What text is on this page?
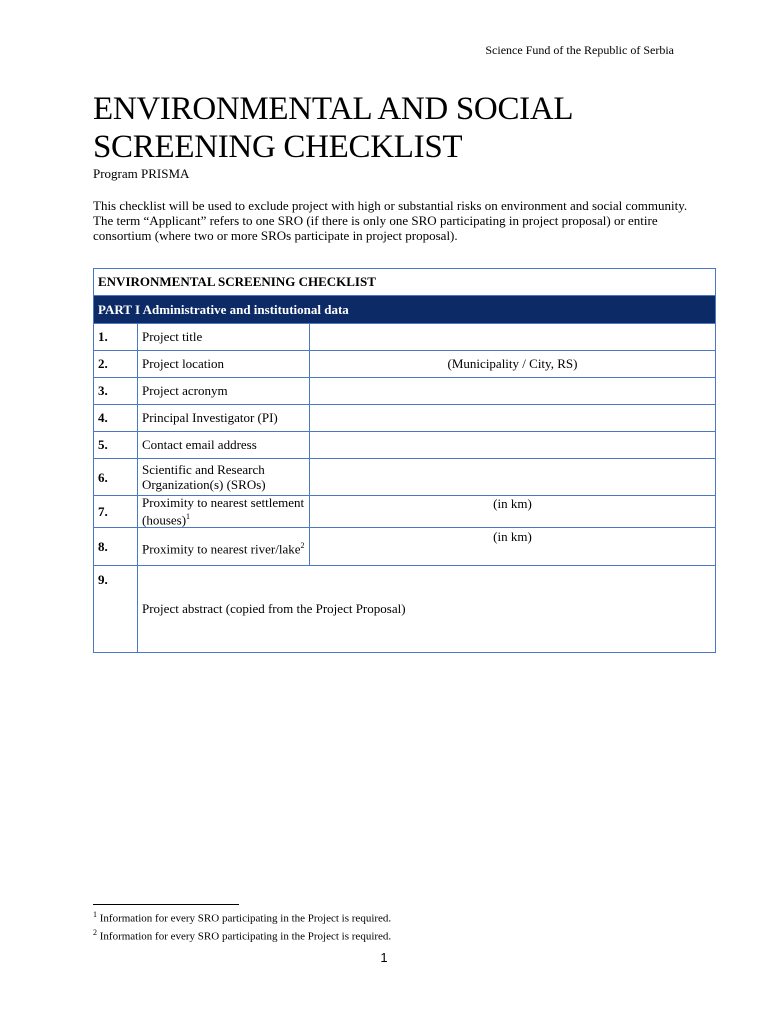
Science Fund of the Republic of Serbia
ENVIRONMENTAL AND SOCIAL SCREENING CHECKLIST
Program PRISMA

This checklist will be used to exclude project with high or substantial risks on environment and social community.

The term “Applicant” refers to one SRO (if there is only one SRO participating in project proposal) or entire consortium (where two or more SROs participate in project proposal).

ENVIRONMENTAL SCREENING CHECKLIST		
PART I Administrative and institutional data		
1.	Project title	
2.	Project location	(Municipality / City, RS)
3.	Project acronym	
4.	Principal Investigator (PI)	
5.	Contact email address	
6.	Scientific and Research Organization(s) (SROs)	
7.	Proximity to nearest settlement (houses)$^1$	(in km)
8.	Proximity to nearest river/lake$^2$	(in km)
9.	Project abstract (copied from the Project Proposal)	
$^1$ Information for every SRO participating in the Project is required.
$^2$ Information for every SRO participating in the Project is required.
1
